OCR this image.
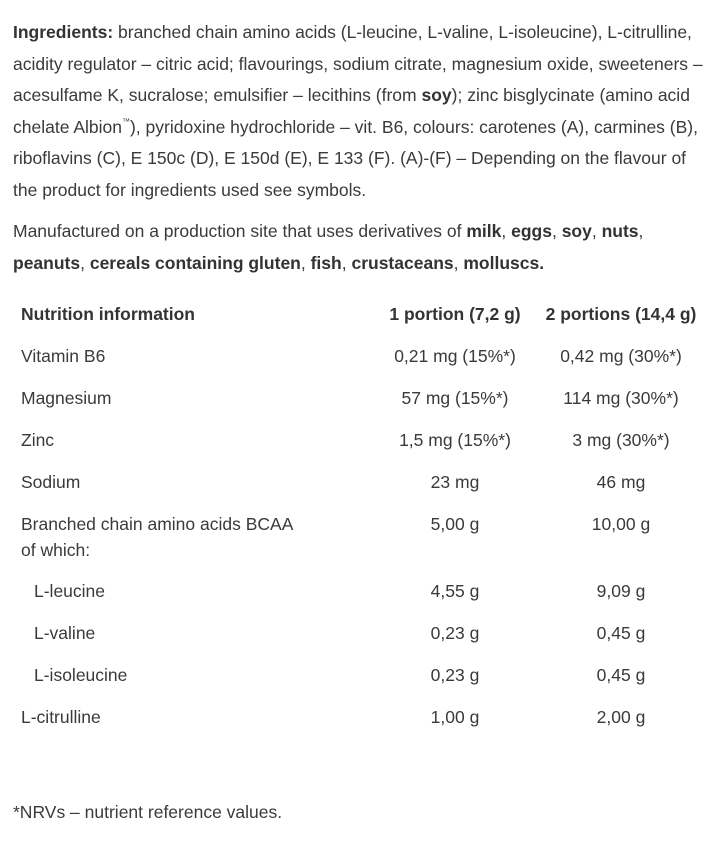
Ingredients: branched chain amino acids (L-leucine, L-valine, L-isoleucine), L-citrulline, acidity regulator – citric acid; flavourings, sodium citrate, magnesium oxide, sweeteners – acesulfame K, sucralose; emulsifier – lecithins (from soy); zinc bisglycinate (amino acid chelate Albion™), pyridoxine hydrochloride – vit. B6, colours: carotenes (A), carmines (B), riboflavins (C), E 150c (D), E 150d (E), E 133 (F). (A)-(F) – Depending on the flavour of the product for ingredients used see symbols.

Manufactured on a production site that uses derivatives of milk, eggs, soy, nuts, peanuts, cereals containing gluten, fish, crustaceans, molluscs.

Nutrition information	1 portion (7,2 g)	2 portions (14,4 g)
Vitamin B6	0,21 mg (15%*)	0,42 mg (30%*)
Magnesium	57 mg (15%*)	114 mg (30%*)
Zinc	1,5 mg (15%*)	3 mg (30%*)
Sodium	23 mg	46 mg
Branched chain amino acids BCAA
of which:	5,00 g	10,00 g
L-leucine	4,55 g	9,09 g
L-valine	0,23 g	0,45 g
L-isoleucine	0,23 g	0,45 g
L-citrulline	1,00 g	2,00 g
*NRVs – nutrient reference values.
